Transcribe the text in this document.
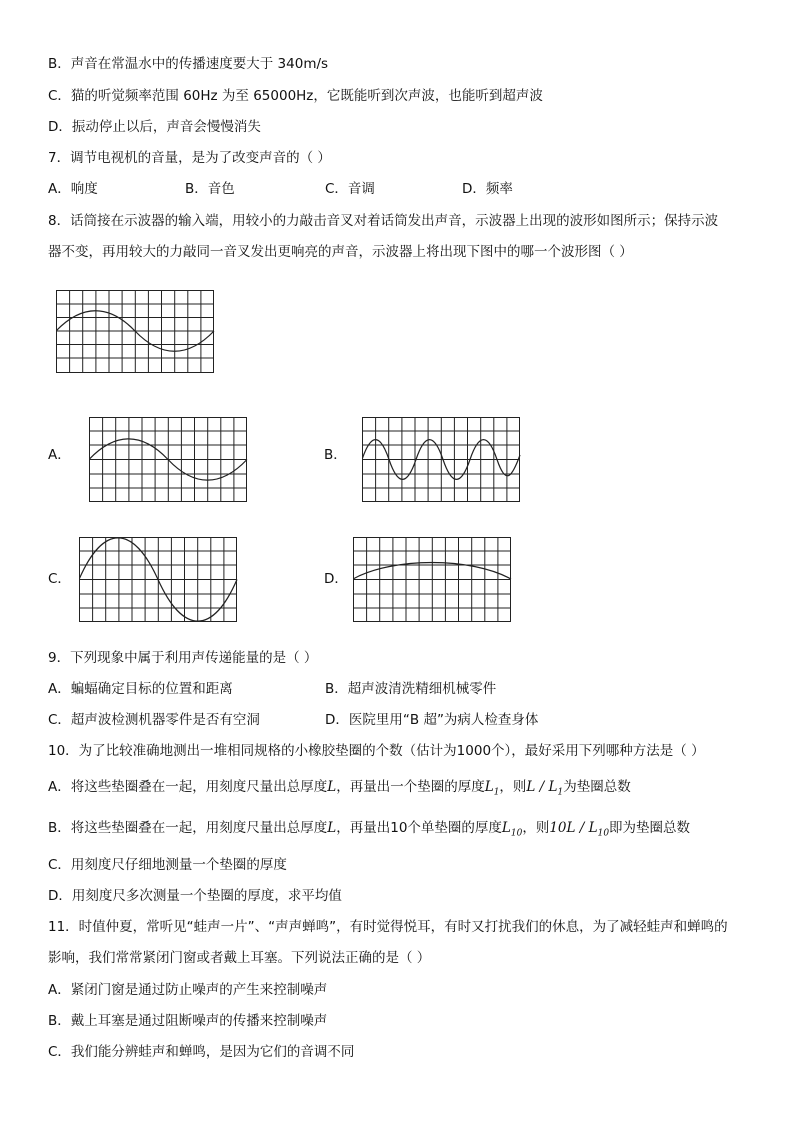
B．声音在常温水中的传播速度要大于 340m/s
C．猫的听觉频率范围 60Hz 为至 65000Hz，它既能听到次声波，也能听到超声波
D．振动停止以后，声音会慢慢消失
7．调节电视机的音量，是为了改变声音的（ ）
A．响度	B．音色	C．音调	D．频率
8．话筒接在示波器的输入端，用较小的力敲击音叉对着话筒发出声音，示波器上出现的波形如图所示；保持示波
器不变，再用较大的力敲同一音叉发出更响亮的声音，示波器上将出现下图中的哪一个波形图（ ）
A．	B．
C．	D．
9．下列现象中属于利用声传递能量的是（ ）
A．蝙蝠确定目标的位置和距离	B．超声波清洗精细机械零件
C．超声波检测机器零件是否有空洞	D．医院里用“B 超”为病人检查身体
10．为了比较准确地测出一堆相同规格的小橡胶垫圈的个数（估计为1000个），最好采用下列哪种方法是（ ）
A．将这些垫圈叠在一起，用刻度尺量出总厚度L，再量出一个垫圈的厚度$L_1$，则L / $L_1$为垫圈总数
B．将这些垫圈叠在一起，用刻度尺量出总厚度L，再量出10个单垫圈的厚度$L_{10}$，则$10L / L_{10}$即为垫圈总数
C．用刻度尺仔细地测量一个垫圈的厚度
D．用刻度尺多次测量一个垫圈的厚度，求平均值
11．时值仲夏，常听见“蛙声一片”、“声声蝉鸣”，有时觉得悦耳，有时又打扰我们的休息，为了减轻蛙声和蝉鸣的
影响，我们常常紧闭门窗或者戴上耳塞。下列说法正确的是（ ）
A．紧闭门窗是通过防止噪声的产生来控制噪声
B．戴上耳塞是通过阻断噪声的传播来控制噪声
C．我们能分辨蛙声和蝉鸣，是因为它们的音调不同
